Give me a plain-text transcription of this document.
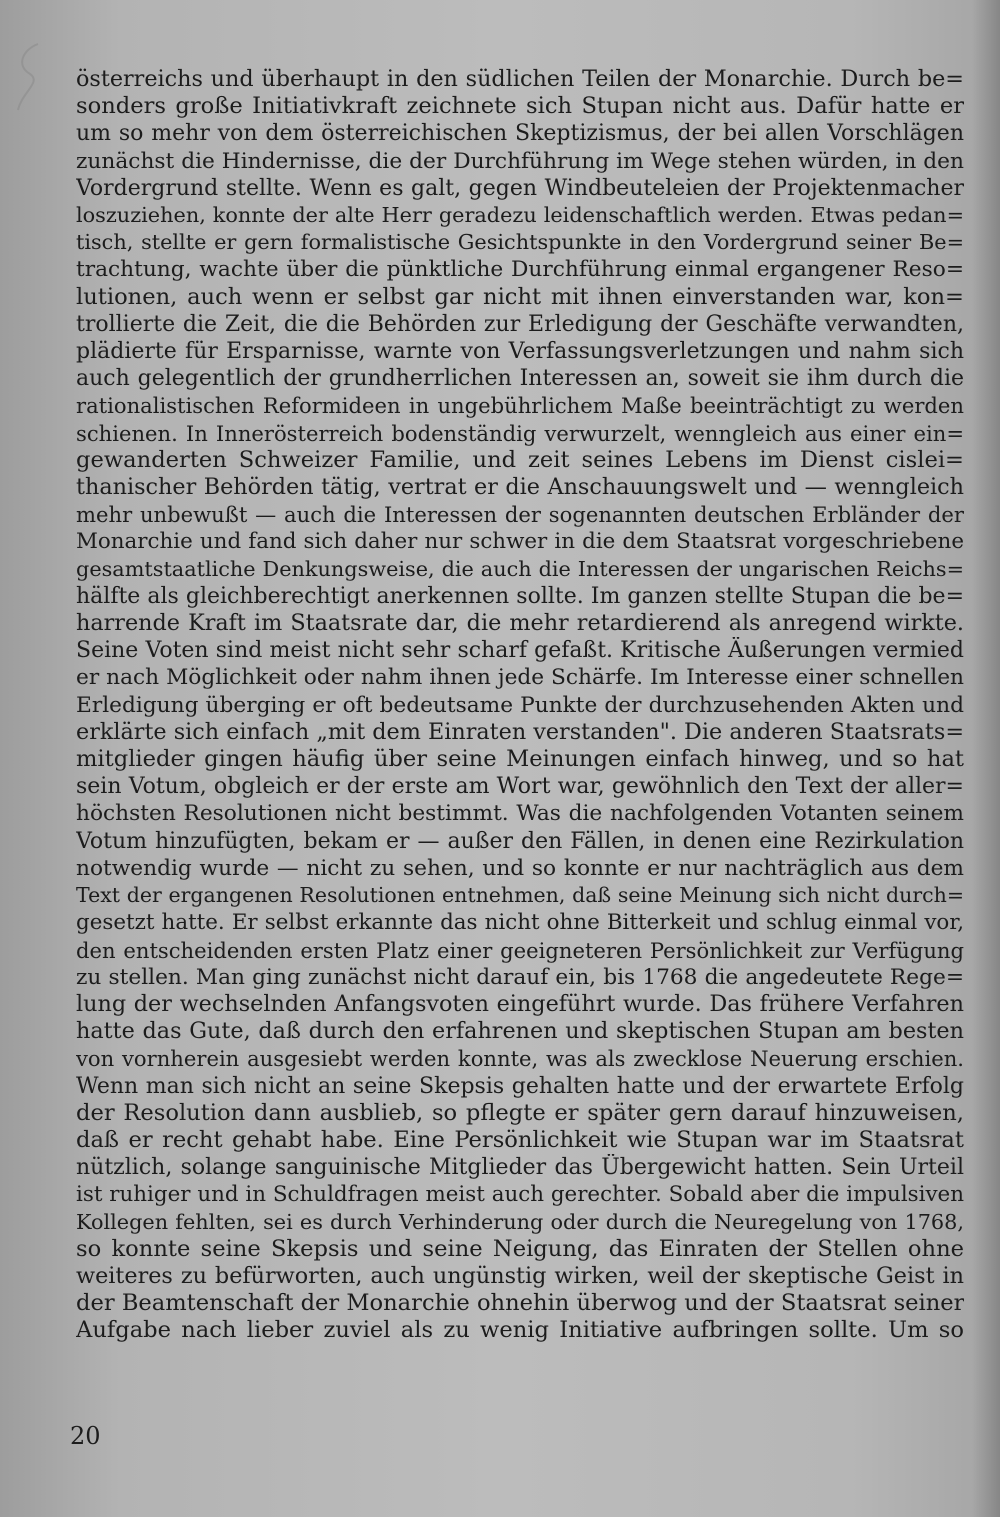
österreichs und überhaupt in den südlichen Teilen der Monarchie. Durch be=
sonders große Initiativkraft zeichnete sich Stupan nicht aus. Dafür hatte er
um so mehr von dem österreichischen Skeptizismus, der bei allen Vorschlägen
zunächst die Hindernisse, die der Durchführung im Wege stehen würden, in den
Vordergrund stellte. Wenn es galt, gegen Windbeuteleien der Projektenmacher
loszuziehen, konnte der alte Herr geradezu leidenschaftlich werden. Etwas pedan=
tisch, stellte er gern formalistische Gesichtspunkte in den Vordergrund seiner Be=
trachtung, wachte über die pünktliche Durchführung einmal ergangener Reso=
lutionen, auch wenn er selbst gar nicht mit ihnen einverstanden war, kon=
trollierte die Zeit, die die Behörden zur Erledigung der Geschäfte verwandten,
plädierte für Ersparnisse, warnte von Verfassungsverletzungen und nahm sich
auch gelegentlich der grundherrlichen Interessen an, soweit sie ihm durch die
rationalistischen Reformideen in ungebührlichem Maße beeinträchtigt zu werden
schienen. In Innerösterreich bodenständig verwurzelt, wenngleich aus einer ein=
gewanderten Schweizer Familie, und zeit seines Lebens im Dienst cislei=
thanischer Behörden tätig, vertrat er die Anschauungswelt und — wenngleich
mehr unbewußt — auch die Interessen der sogenannten deutschen Erbländer der
Monarchie und fand sich daher nur schwer in die dem Staatsrat vorgeschriebene
gesamtstaatliche Denkungsweise, die auch die Interessen der ungarischen Reichs=
hälfte als gleichberechtigt anerkennen sollte. Im ganzen stellte Stupan die be=
harrende Kraft im Staatsrate dar, die mehr retardierend als anregend wirkte.
Seine Voten sind meist nicht sehr scharf gefaßt. Kritische Äußerungen vermied
er nach Möglichkeit oder nahm ihnen jede Schärfe. Im Interesse einer schnellen
Erledigung überging er oft bedeutsame Punkte der durchzusehenden Akten und
erklärte sich einfach „mit dem Einraten verstanden". Die anderen Staatsrats=
mitglieder gingen häufig über seine Meinungen einfach hinweg, und so hat
sein Votum, obgleich er der erste am Wort war, gewöhnlich den Text der aller=
höchsten Resolutionen nicht bestimmt. Was die nachfolgenden Votanten seinem
Votum hinzufügten, bekam er — außer den Fällen, in denen eine Rezirkulation
notwendig wurde — nicht zu sehen, und so konnte er nur nachträglich aus dem
Text der ergangenen Resolutionen entnehmen, daß seine Meinung sich nicht durch=
gesetzt hatte. Er selbst erkannte das nicht ohne Bitterkeit und schlug einmal vor,
den entscheidenden ersten Platz einer geeigneteren Persönlichkeit zur Verfügung
zu stellen. Man ging zunächst nicht darauf ein, bis 1768 die angedeutete Rege=
lung der wechselnden Anfangsvoten eingeführt wurde. Das frühere Verfahren
hatte das Gute, daß durch den erfahrenen und skeptischen Stupan am besten
von vornherein ausgesiebt werden konnte, was als zwecklose Neuerung erschien.
Wenn man sich nicht an seine Skepsis gehalten hatte und der erwartete Erfolg
der Resolution dann ausblieb, so pflegte er später gern darauf hinzuweisen,
daß er recht gehabt habe. Eine Persönlichkeit wie Stupan war im Staatsrat
nützlich, solange sanguinische Mitglieder das Übergewicht hatten. Sein Urteil
ist ruhiger und in Schuldfragen meist auch gerechter. Sobald aber die impulsiven
Kollegen fehlten, sei es durch Verhinderung oder durch die Neuregelung von 1768,
so konnte seine Skepsis und seine Neigung, das Einraten der Stellen ohne
weiteres zu befürworten, auch ungünstig wirken, weil der skeptische Geist in
der Beamtenschaft der Monarchie ohnehin überwog und der Staatsrat seiner
Aufgabe nach lieber zuviel als zu wenig Initiative aufbringen sollte. Um so
20
